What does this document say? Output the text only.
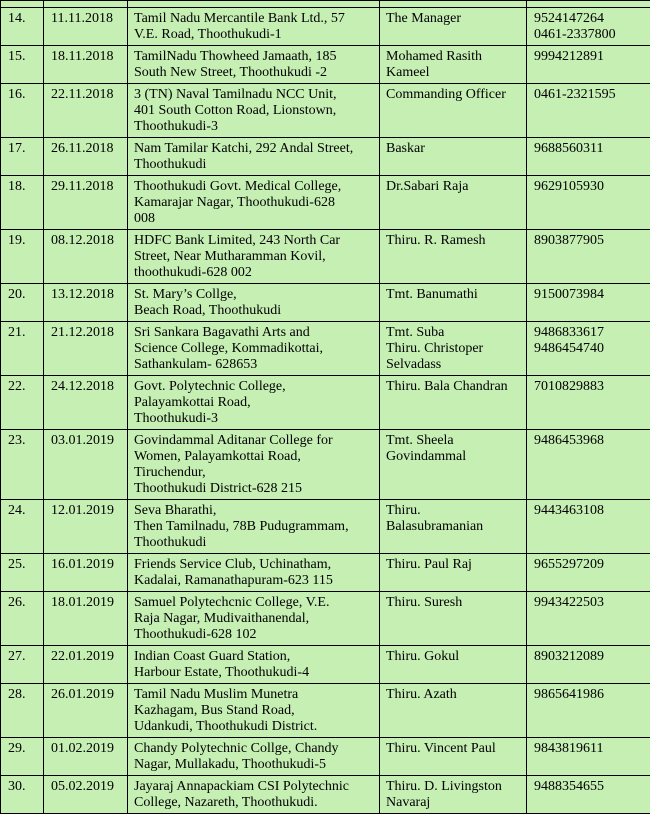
14.	11.11.2018	Tamil Nadu Mercantile Bank Ltd., 57
V.E. Road, Thoothukudi-1	The Manager	9524147264
0461-2337800
15.	18.11.2018	TamilNadu Thowheed Jamaath, 185
South New Street, Thoothukudi -2	Mohamed Rasith
Kameel	9994212891
16.	22.11.2018	3 (TN) Naval Tamilnadu NCC Unit,
401 South Cotton Road, Lionstown,
Thoothukudi-3	Commanding Officer	0461-2321595
17.	26.11.2018	Nam Tamilar Katchi, 292 Andal Street,
Thoothukudi	Baskar	9688560311
18.	29.11.2018	Thoothukudi Govt. Medical College,
Kamarajar Nagar, Thoothukudi-628
008	Dr.Sabari Raja	9629105930
19.	08.12.2018	HDFC Bank Limited, 243 North Car
Street, Near Mutharamman Kovil,
thoothukudi-628 002	Thiru. R. Ramesh	8903877905
20.	13.12.2018	St. Mary’s Collge,
Beach Road, Thoothukudi	Tmt. Banumathi	9150073984
21.	21.12.2018	Sri Sankara Bagavathi Arts and
Science College, Kommadikottai,
Sathankulam- 628653	Tmt. Suba
Thiru. Christoper
Selvadass	9486833617
9486454740
22.	24.12.2018	Govt. Polytechnic College,
Palayamkottai Road,
Thoothukudi-3	Thiru. Bala Chandran	7010829883
23.	03.01.2019	Govindammal Aditanar College for
Women, Palayamkottai Road,
Tiruchendur,
Thoothukudi District-628 215	Tmt. Sheela
Govindammal	9486453968
24.	12.01.2019	Seva Bharathi,
Then Tamilnadu, 78B Pudugrammam,
Thoothukudi	Thiru.
Balasubramanian	9443463108
25.	16.01.2019	Friends Service Club, Uchinatham,
Kadalai, Ramanathapuram-623 115	Thiru. Paul Raj	9655297209
26.	18.01.2019	Samuel Polytechcnic College, V.E.
Raja Nagar, Mudivaithanendal,
Thoothukudi-628 102	Thiru. Suresh	9943422503
27.	22.01.2019	Indian Coast Guard Station,
Harbour Estate, Thoothukudi-4	Thiru. Gokul	8903212089
28.	26.01.2019	Tamil Nadu Muslim Munetra
Kazhagam, Bus Stand Road,
Udankudi, Thoothukudi District.	Thiru. Azath	9865641986
29.	01.02.2019	Chandy Polytechnic Collge, Chandy
Nagar, Mullakadu, Thoothukudi-5	Thiru. Vincent Paul	9843819611
30.	05.02.2019	Jayaraj Annapackiam CSI Polytechnic
College, Nazareth, Thoothukudi.	Thiru. D. Livingston
Navaraj	9488354655
